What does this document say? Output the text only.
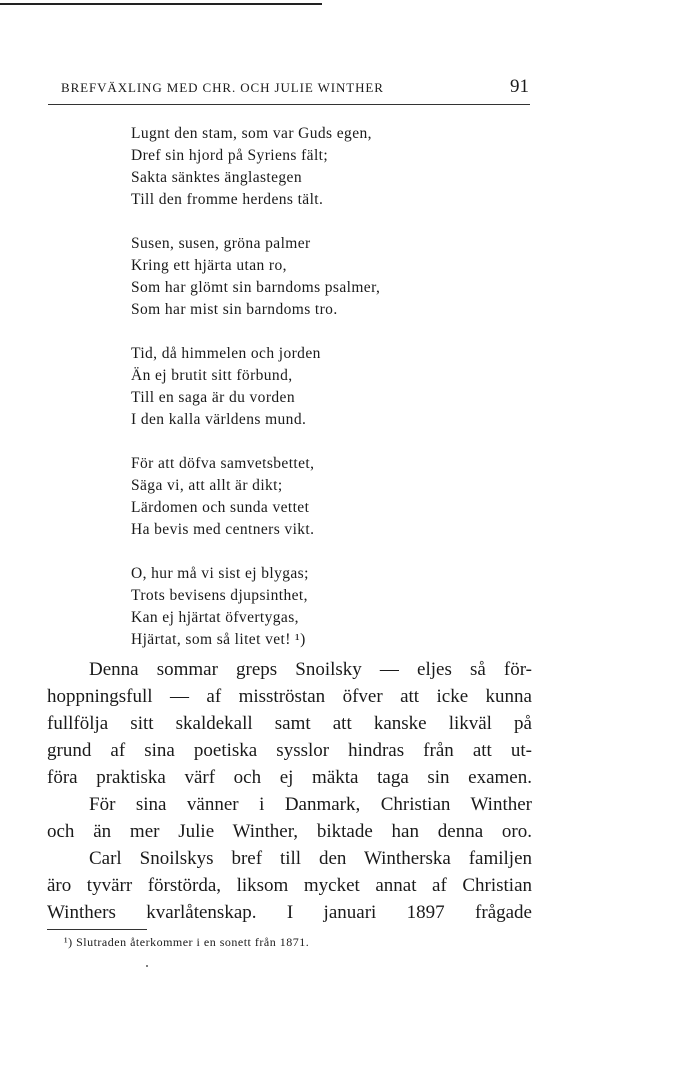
BREFVÄXLING MED CHR. OCH JULIE WINTHER	91
Lugnt den stam, som var Guds egen,
Dref sin hjord på Syriens fält;
Sakta sänktes änglastegen
Till den fromme herdens tält.
Susen, susen, gröna palmer
Kring ett hjärta utan ro,
Som har glömt sin barndoms psalmer,
Som har mist sin barndoms tro.
Tid, då himmelen och jorden
Än ej brutit sitt förbund,
Till en saga är du vorden
I den kalla världens mund.
För att döfva samvetsbettet,
Säga vi, att allt är dikt;
Lärdomen och sunda vettet
Ha bevis med centners vikt.
O, hur må vi sist ej blygas;
Trots bevisens djupsinthet,
Kan ej hjärtat öfvertygas,
Hjärtat, som så litet vet! ¹)

Denna sommar greps Snoilsky — eljes så för-

hoppningsfull — af misströstan öfver att icke kunna

fullfölja sitt skaldekall samt att kanske likväl på

grund af sina poetiska sysslor hindras från att ut-

föra praktiska värf och ej mäkta taga sin examen.

För sina vänner i Danmark, Christian Winther

och än mer Julie Winther, biktade han denna oro.

Carl Snoilskys bref till den Wintherska familjen

äro tyvärr förstörda, liksom mycket annat af Christian

Winthers kvarlåtenskap. I januari 1897 frågade

¹) Slutraden återkommer i en sonett från 1871.
